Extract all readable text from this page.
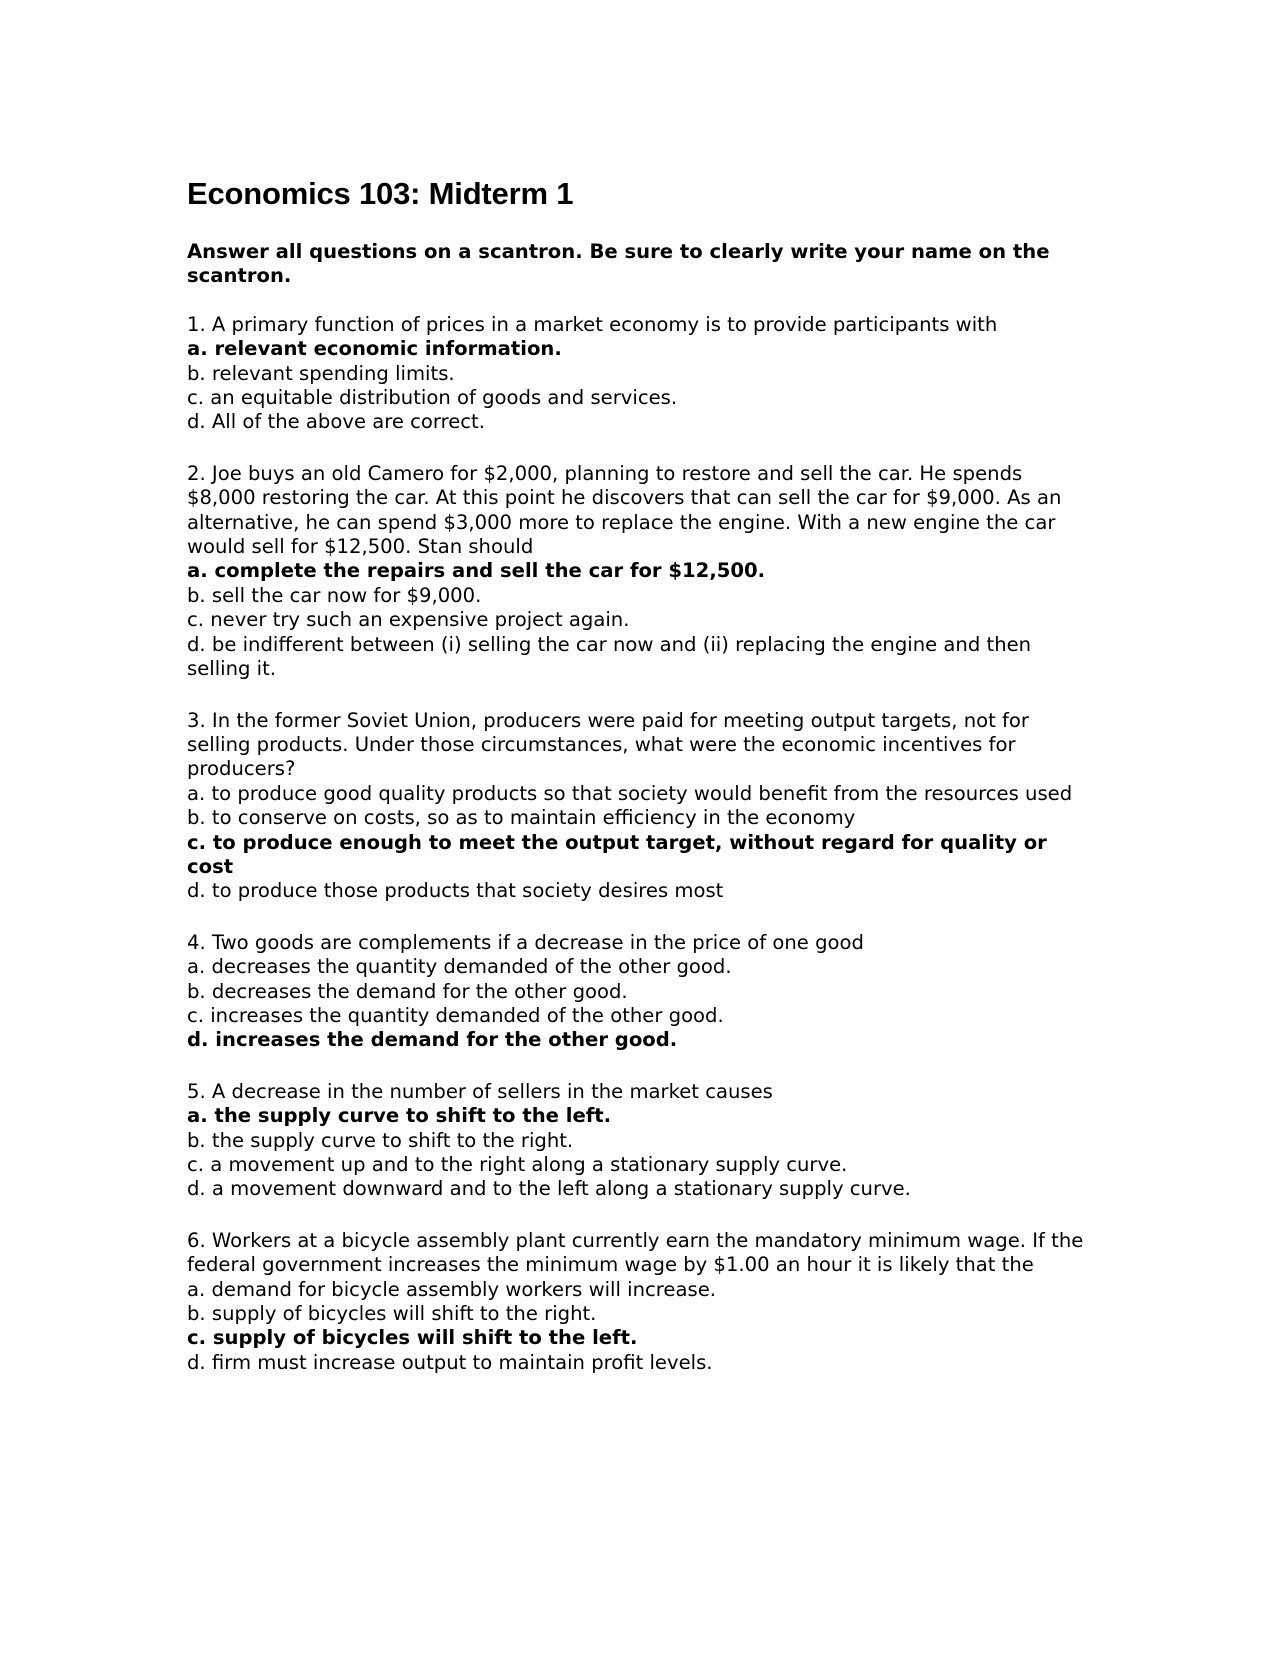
Economics 103: Midterm 1

Answer all questions on a scantron. Be sure to clearly write your name on the scantron.

1. A primary function of prices in a market economy is to provide participants with

a. relevant economic information.

b. relevant spending limits.

c. an equitable distribution of goods and services.

d. All of the above are correct.

2. Joe buys an old Camero for $2,000, planning to restore and sell the car. He spends $8,000 restoring the car. At this point he discovers that can sell the car for $9,000. As an alternative, he can spend $3,000 more to replace the engine. With a new engine the car would sell for $12,500. Stan should

a. complete the repairs and sell the car for $12,500.

b. sell the car now for $9,000.

c. never try such an expensive project again.

d. be indifferent between (i) selling the car now and (ii) replacing the engine and then selling it.

3. In the former Soviet Union, producers were paid for meeting output targets, not for selling products. Under those circumstances, what were the economic incentives for producers?

a. to produce good quality products so that society would benefit from the resources used

b. to conserve on costs, so as to maintain efficiency in the economy

c. to produce enough to meet the output target, without regard for quality or cost

d. to produce those products that society desires most

4. Two goods are complements if a decrease in the price of one good

a. decreases the quantity demanded of the other good.

b. decreases the demand for the other good.

c. increases the quantity demanded of the other good.

d. increases the demand for the other good.

5. A decrease in the number of sellers in the market causes

a. the supply curve to shift to the left.

b. the supply curve to shift to the right.

c. a movement up and to the right along a stationary supply curve.

d. a movement downward and to the left along a stationary supply curve.

6. Workers at a bicycle assembly plant currently earn the mandatory minimum wage. If the federal government increases the minimum wage by $1.00 an hour it is likely that the

a. demand for bicycle assembly workers will increase.

b. supply of bicycles will shift to the right.

c. supply of bicycles will shift to the left.

d. firm must increase output to maintain profit levels.
